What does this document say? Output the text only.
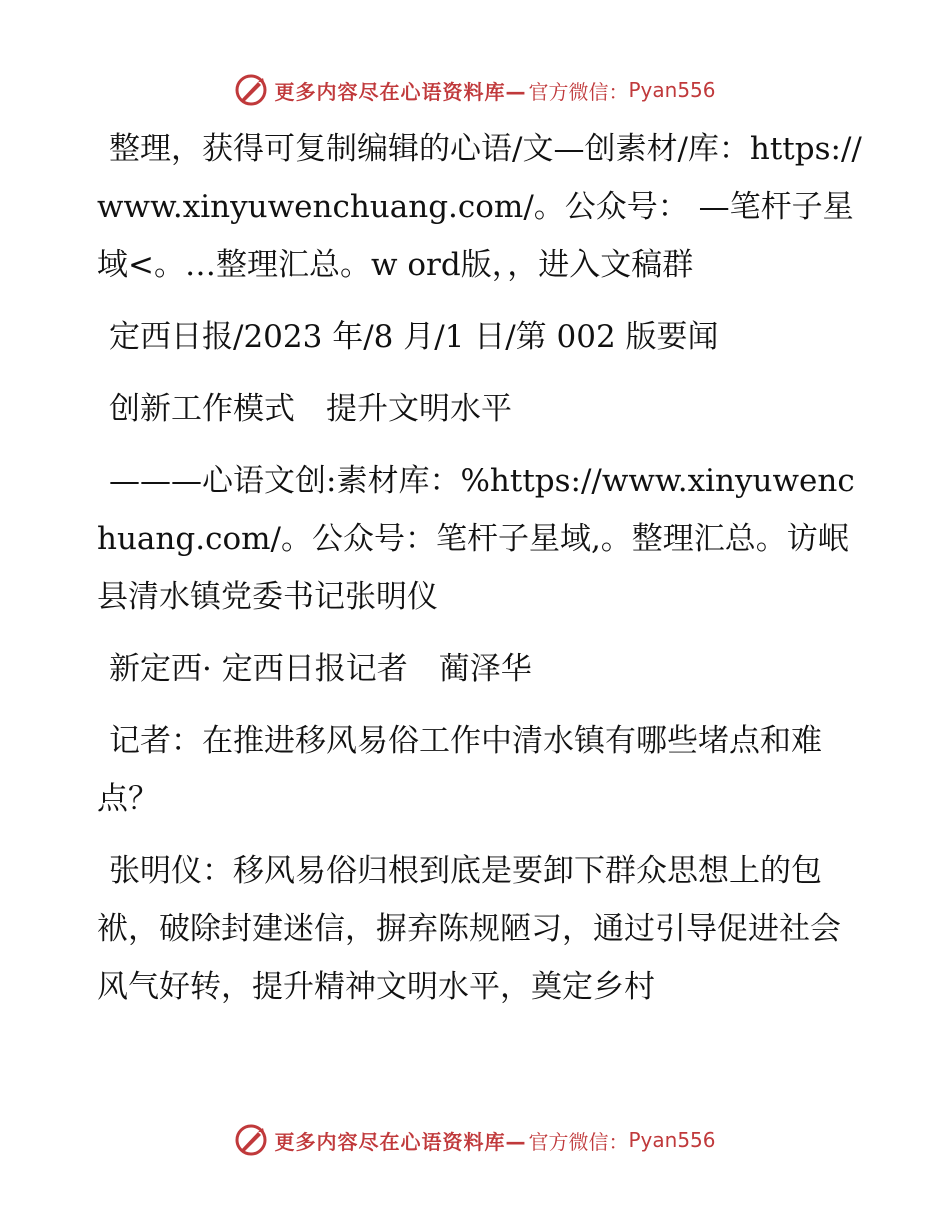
更多内容尽在心语资料库— 官方微信： Pyan556

整理，获得可复制编辑的心语/文—创素材/库：https://www.xinyuwenchuang.com/。公众号： —笔杆子星域<。…整理汇总。w ord版，，进入文稿群

定西日报/2023 年/8 月/1 日/第 002 版要闻

创新工作模式　提升文明水平

———心语文创:素材库：%https://www.xinyuwenchuang.com/。公众号：笔杆子星域,。整理汇总。访岷县清水镇党委书记张明仪

新定西· 定西日报记者　蔺泽华

记者：在推进移风易俗工作中清水镇有哪些堵点和难点？

张明仪：移风易俗归根到底是要卸下群众思想上的包袱，破除封建迷信，摒弃陈规陋习，通过引导促进社会风气好转，提升精神文明水平，奠定乡村

更多内容尽在心语资料库— 官方微信： Pyan556
